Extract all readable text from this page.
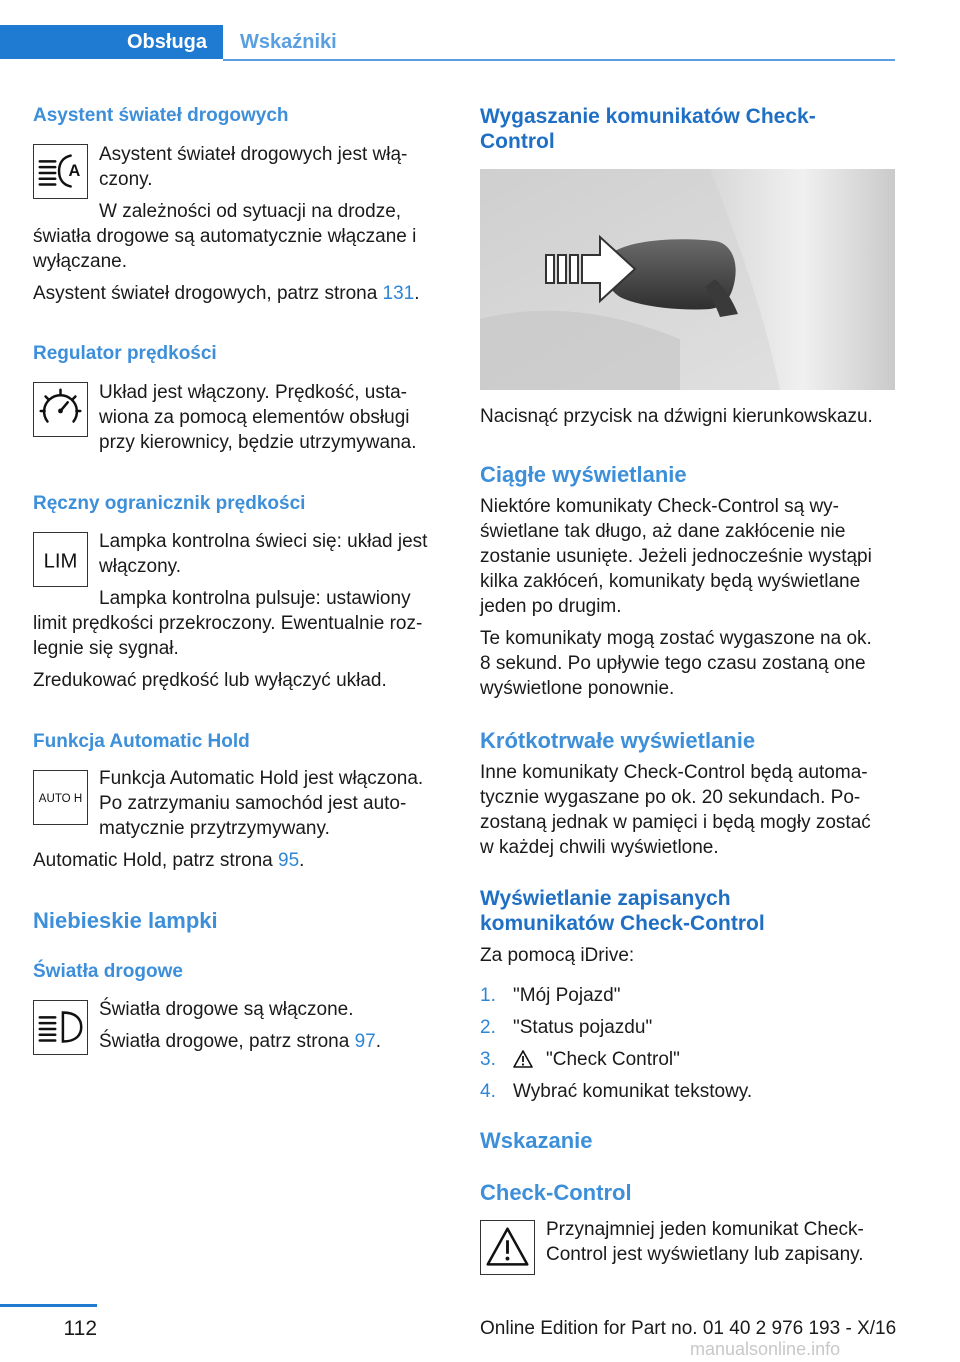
Obsługa	Wskaźniki
Asystent świateł drogowych
A
Asystent świateł drogowych jest włą‐
czony.
W zależności od sytuacji na drodze,
światła drogowe są automatycznie włączane i
wyłączane.
Asystent świateł drogowych, patrz strona 131.
Regulator prędkości
Układ jest włączony. Prędkość, usta‐
wiona za pomocą elementów obsługi
przy kierownicy, będzie utrzymywana.
Ręczny ogranicznik prędkości
LIM
Lampka kontrolna świeci się: układ jest
włączony.
Lampka kontrolna pulsuje: ustawiony
limit prędkości przekroczony. Ewentualnie roz‐
legnie się sygnał.
Zredukować prędkość lub wyłączyć układ.
Funkcja Automatic Hold
AUTO H
Funkcja Automatic Hold jest włączona.
Po zatrzymaniu samochód jest auto‐
matycznie przytrzymywany.
Automatic Hold, patrz strona 95.
Niebieskie lampki
Światła drogowe
Światła drogowe są włączone.
Światła drogowe, patrz strona 97.
Wygaszanie komunikatów Check-
Control
Nacisnąć przycisk na dźwigni kierunkowskazu.
Ciągłe wyświetlanie
Niektóre komunikaty Check-Control są wy‐
świetlane tak długo, aż dane zakłócenie nie
zostanie usunięte. Jeżeli jednocześnie wystąpi
kilka zakłóceń, komunikaty będą wyświetlane
jeden po drugim.
Te komunikaty mogą zostać wygaszone na ok.
8 sekund. Po upływie tego czasu zostaną one
wyświetlone ponownie.
Krótkotrwałe wyświetlanie
Inne komunikaty Check-Control będą automa‐
tycznie wygaszane po ok. 20 sekundach. Po‐
zostaną jednak w pamięci i będą mogły zostać
w każdej chwili wyświetlone.
Wyświetlanie zapisanych
komunikatów Check-Control
Za pomocą iDrive:
1. "Mój Pojazd"
2. "Status pojazdu"
3.	"Check Control"
4. Wybrać komunikat tekstowy.
Wskazanie
Check-Control
Przynajmniej jeden komunikat Check-
Control jest wyświetlany lub zapisany.
112	Online Edition for Part no. 01 40 2 976 193 - X/16
manualsonline.info
